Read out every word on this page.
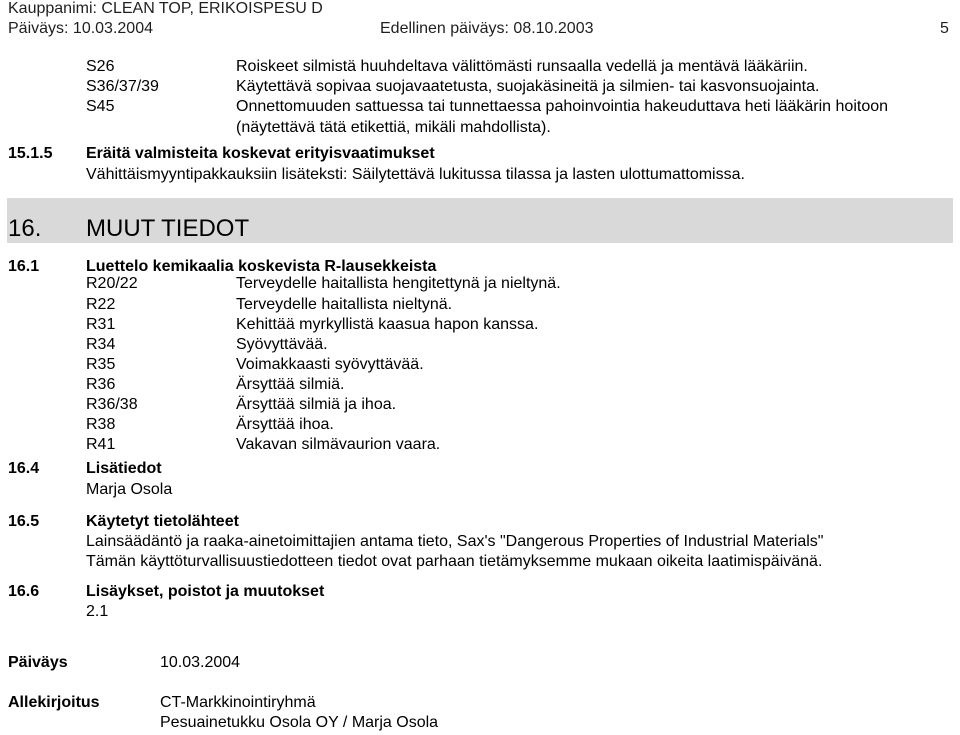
Kauppanimi: CLEAN TOP, ERIKOISPESU D
Päiväys: 10.03.2004	Edellinen päiväys: 08.10.2003	5
S26	Roiskeet silmistä huuhdeltava välittömästi runsaalla vedellä ja mentävä lääkäriin.
S36/37/39	Käytettävä sopivaa suojavaatetusta, suojakäsineitä ja silmien- tai kasvonsuojainta.
S45	Onnettomuuden sattuessa tai tunnettaessa pahoinvointia hakeuduttava heti lääkärin hoitoon
(näytettävä tätä etikettiä, mikäli mahdollista).
15.1.5 Eräitä valmisteita koskevat erityisvaatimukset
Vähittäismyyntipakkauksiin lisäteksti: Säilytettävä lukitussa tilassa ja lasten ulottumattomissa.
16. MUUT TIEDOT
16.1	Luettelo kemikaalia koskevista R-lausekkeista
R20/22	Terveydelle haitallista hengitettynä ja nieltynä.
R22	Terveydelle haitallista nieltynä.
R31	Kehittää myrkyllistä kaasua hapon kanssa.
R34	Syövyttävää.
R35	Voimakkaasti syövyttävää.
R36	Ärsyttää silmiä.
R36/38	Ärsyttää silmiä ja ihoa.
R38	Ärsyttää ihoa.
R41	Vakavan silmävaurion vaara.
16.4	Lisätiedot
Marja Osola
16.5	Käytetyt tietolähteet
Lainsäädäntö ja raaka-ainetoimittajien antama tieto, Sax's "Dangerous Properties of Industrial Materials"
Tämän käyttöturvallisuustiedotteen tiedot ovat parhaan tietämyksemme mukaan oikeita laatimispäivänä.
16.6	Lisäykset, poistot ja muutokset
2.1
Päiväys	10.03.2004
Allekirjoitus	CT-Markkinointiryhmä
Pesuainetukku Osola OY / Marja Osola
